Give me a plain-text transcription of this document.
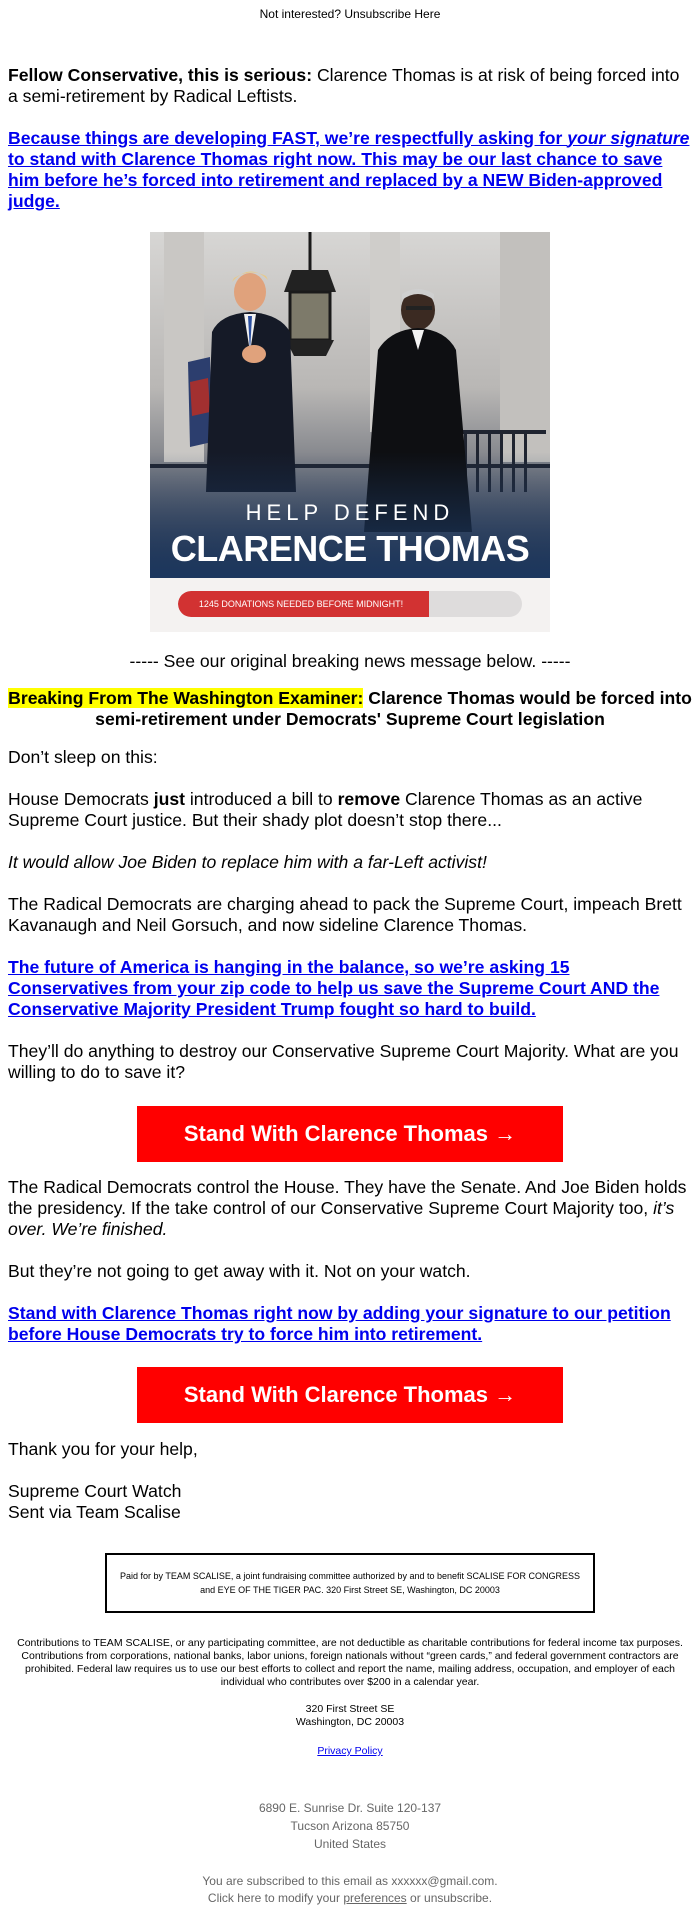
Not interested? Unsubscribe Here

Fellow Conservative, this is serious: Clarence Thomas is at risk of being forced into a semi-retirement by Radical Leftists.

Because things are developing FAST, we’re respectfully asking for your signature to stand with Clarence Thomas right now. This may be our last chance to save him before he’s forced into retirement and replaced by a NEW Biden-approved judge.
HELP DEFEND
CLARENCE THOMAS
1245 DONATIONS NEEDED BEFORE MIDNIGHT!

----- See our original breaking news message below. -----

Breaking From The Washington Examiner: Clarence Thomas would be forced into semi-retirement under Democrats' Supreme Court legislation

Don’t sleep on this:

House Democrats just introduced a bill to remove Clarence Thomas as an active Supreme Court justice. But their shady plot doesn’t stop there...

It would allow Joe Biden to replace him with a far-Left activist!

The Radical Democrats are charging ahead to pack the Supreme Court, impeach Brett Kavanaugh and Neil Gorsuch, and now sideline Clarence Thomas.

The future of America is hanging in the balance, so we’re asking 15 Conservatives from your zip code to help us save the Supreme Court AND the Conservative Majority President Trump fought so hard to build.

They’ll do anything to destroy our Conservative Supreme Court Majority. What are you willing to do to save it?

Stand With Clarence Thomas →

The Radical Democrats control the House. They have the Senate. And Joe Biden holds the presidency. If the take control of our Conservative Supreme Court Majority too, it’s over. We’re finished.

But they’re not going to get away with it. Not on your watch.

Stand with Clarence Thomas right now by adding your signature to our petition before House Democrats try to force him into retirement.

Stand With Clarence Thomas →

Thank you for your help,

Supreme Court Watch

Sent via Team Scalise

Paid for by TEAM SCALISE, a joint fundraising committee authorized by and to benefit SCALISE FOR CONGRESS and EYE OF THE TIGER PAC. 320 First Street SE, Washington, DC 20003

Contributions to TEAM SCALISE, or any participating committee, are not deductible as charitable contributions for federal income tax purposes. Contributions from corporations, national banks, labor unions, foreign nationals without “green cards,” and federal government contractors are prohibited. Federal law requires us to use our best efforts to collect and report the name, mailing address, occupation, and employer of each individual who contributes over $200 in a calendar year.

320 First Street SE
Washington, DC 20003

Privacy Policy

6890 E. Sunrise Dr. Suite 120-137
Tucson Arizona 85750
United States
You are subscribed to this email as xxxxxx@gmail.com.
Click here to modify your preferences or unsubscribe.
